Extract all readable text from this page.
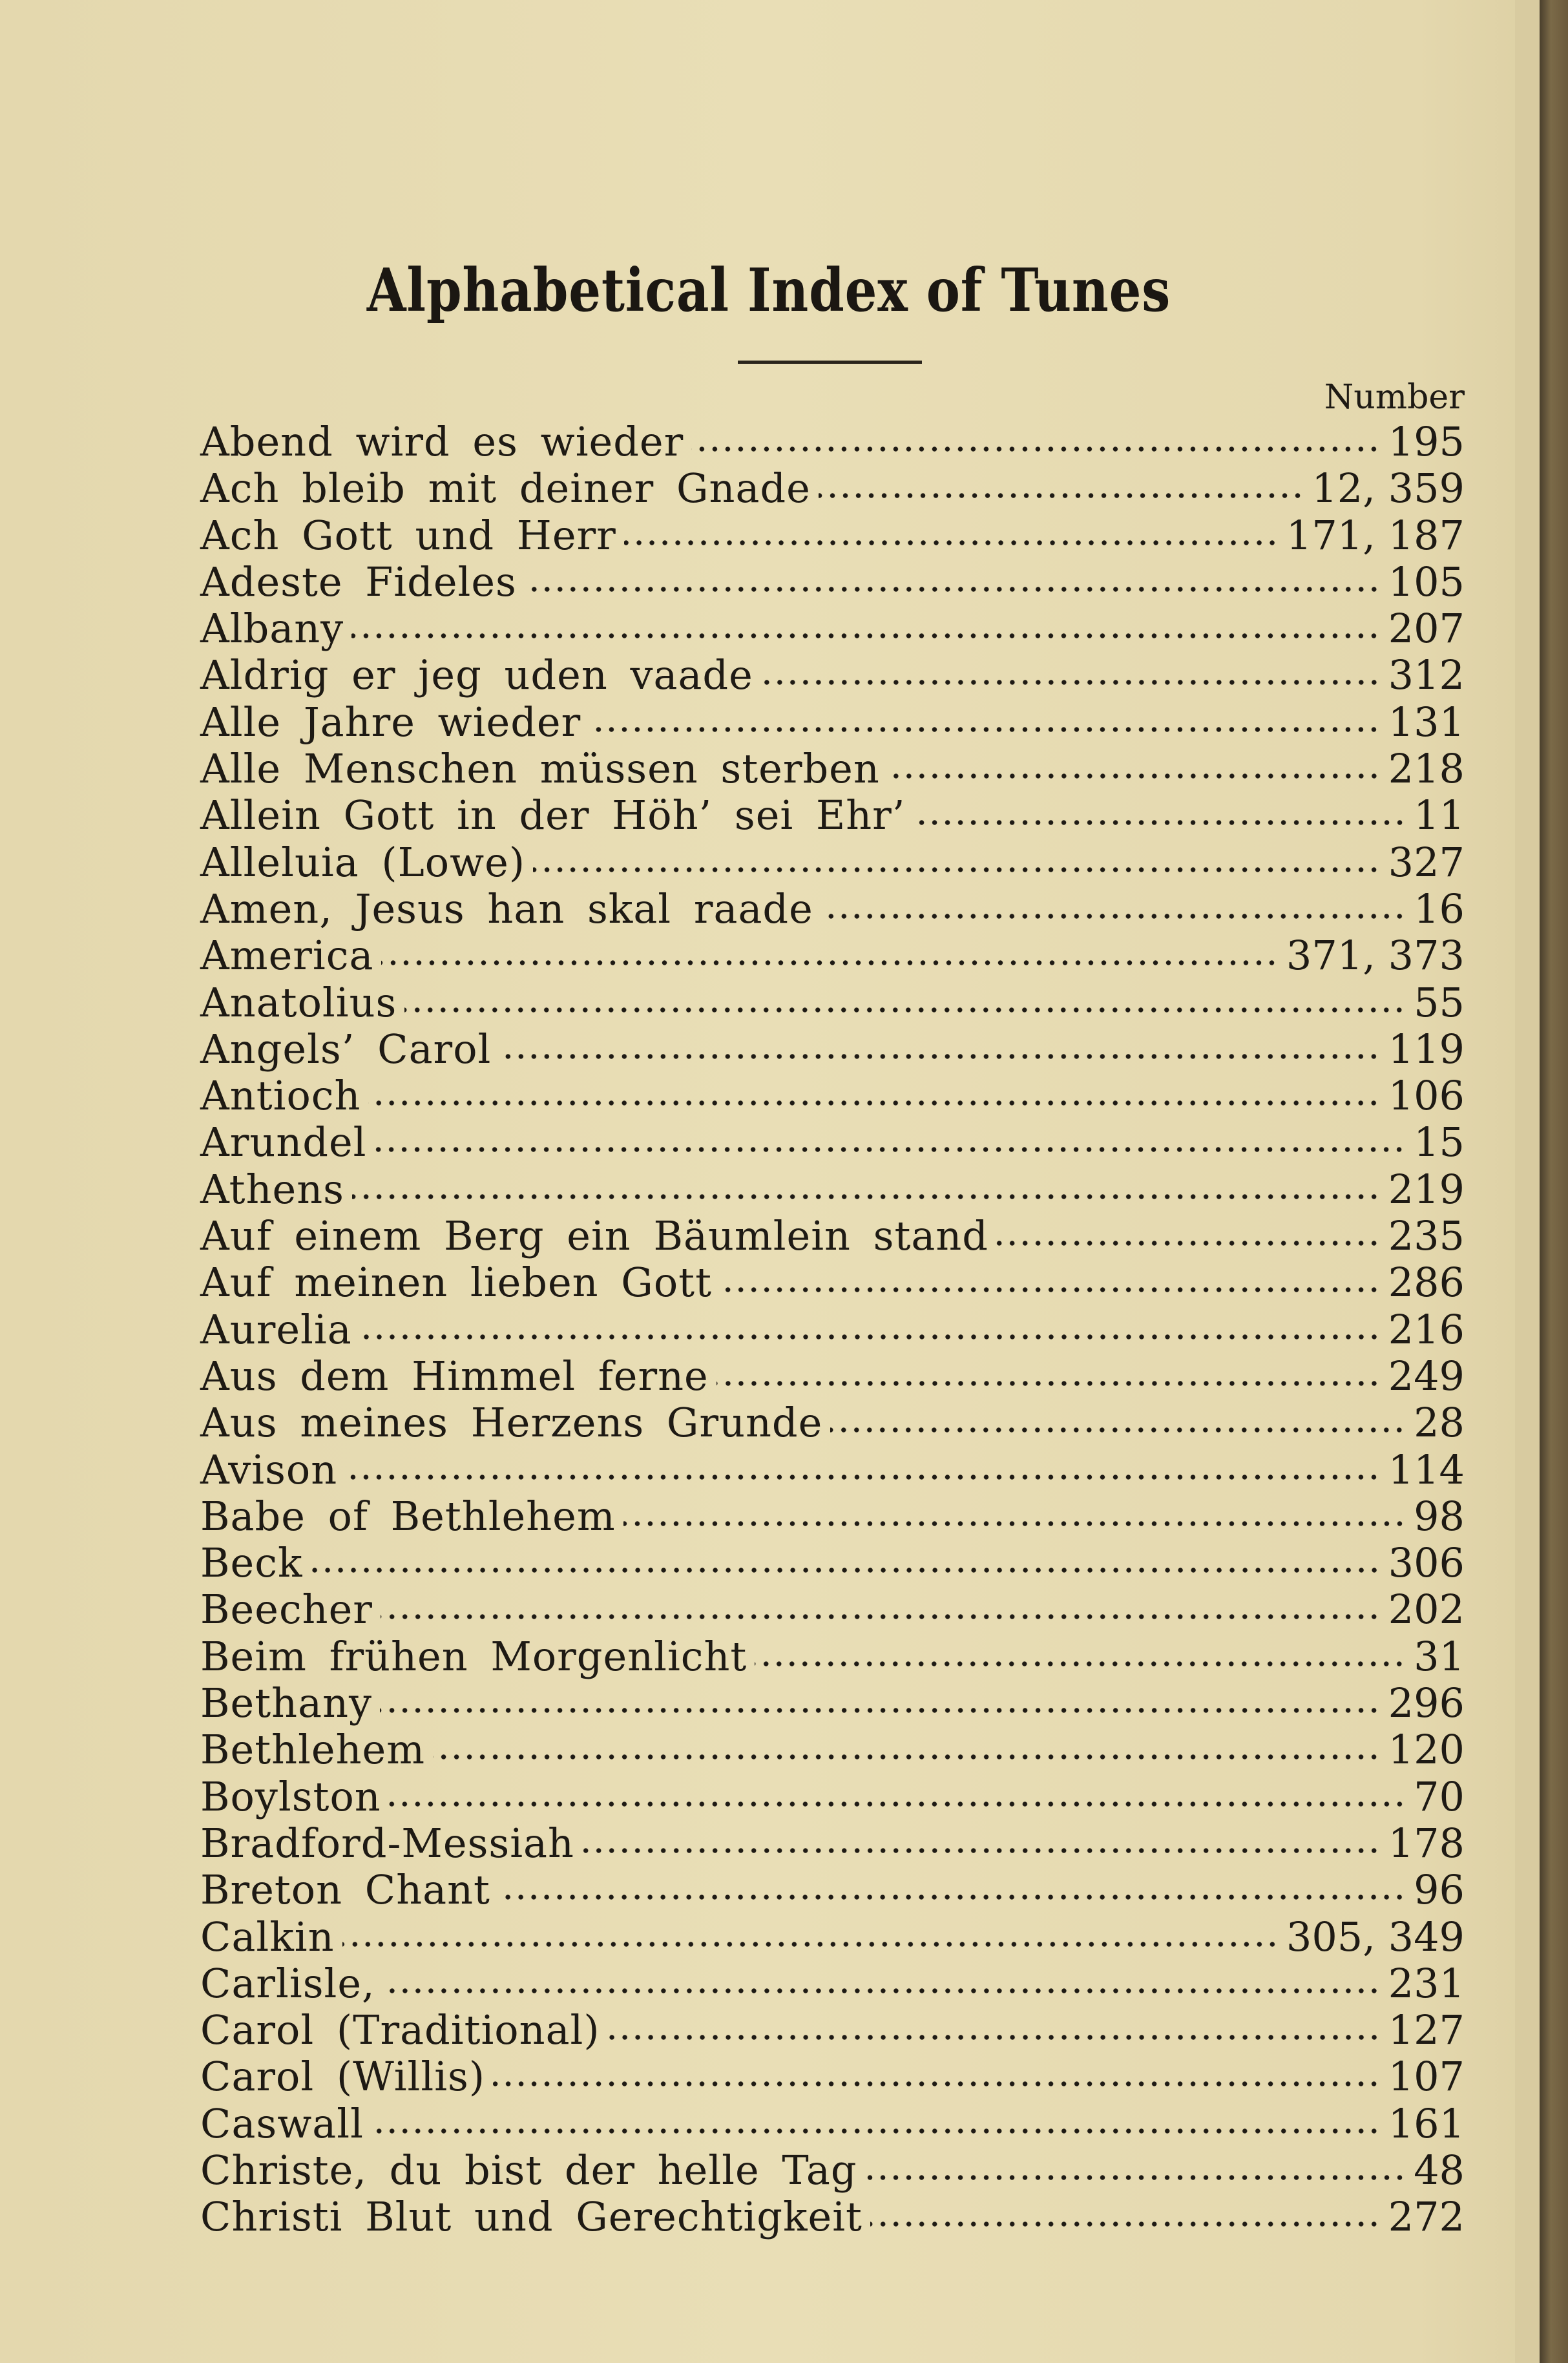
Alphabetical Index of Tunes
Number
Abend wird es wieder	195
Ach bleib mit deiner Gnade	12, 359
Ach Gott und Herr	171, 187
Adeste Fideles	105
Albany	207
Aldrig er jeg uden vaade	312
Alle Jahre wieder	131
Alle Menschen müssen sterben	218
Allein Gott in der Höh’ sei Ehr’	11
Alleluia (Lowe)	327
Amen, Jesus han skal raade	16
America	371, 373
Anatolius	55
Angels’ Carol	119
Antioch	106
Arundel	15
Athens	219
Auf einem Berg ein Bäumlein stand	235
Auf meinen lieben Gott	286
Aurelia	216
Aus dem Himmel ferne	249
Aus meines Herzens Grunde	28
Avison	114
Babe of Bethlehem	98
Beck	306
Beecher	202
Beim frühen Morgenlicht	31
Bethany	296
Bethlehem	120
Boylston	70
Bradford-Messiah	178
Breton Chant	96
Calkin	305, 349
Carlisle,	231
Carol (Traditional)	127
Carol (Willis)	107
Caswall	161
Christe, du bist der helle Tag	48
Christi Blut und Gerechtigkeit	272
